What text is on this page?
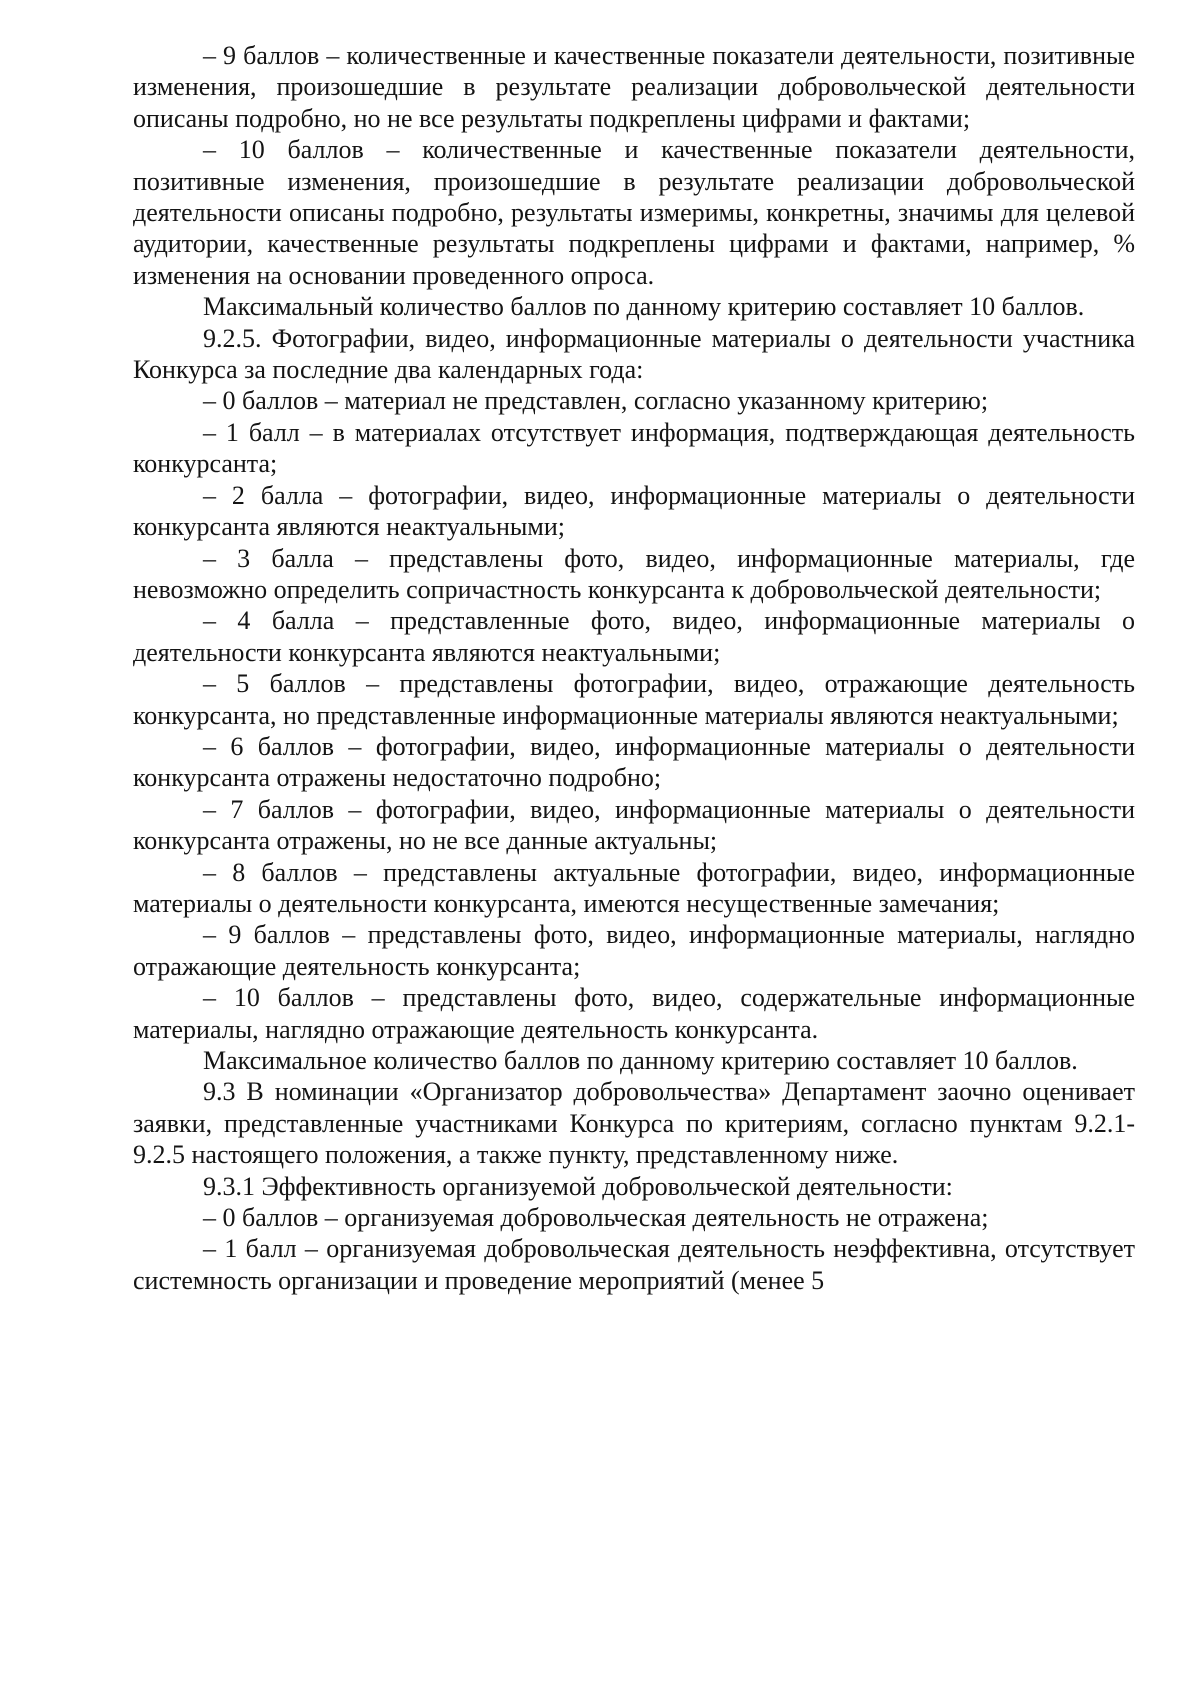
– 9 баллов – количественные и качественные показатели деятельности, позитивные изменения, произошедшие в результате реализации добровольческой деятельности описаны подробно, но не все результаты подкреплены цифрами и фактами;

– 10 баллов – количественные и качественные показатели деятельности, позитивные изменения, произошедшие в результате реализации добровольческой деятельности описаны подробно, результаты измеримы, конкретны, значимы для целевой аудитории, качественные результаты подкреплены цифрами и фактами, например, % изменения на основании проведенного опроса.

Максимальный количество баллов по данному критерию составляет 10 баллов.

9.2.5. Фотографии, видео, информационные материалы о деятельности участника Конкурса за последние два календарных года:

– 0 баллов – материал не представлен, согласно указанному критерию;

– 1 балл – в материалах отсутствует информация, подтверждающая деятельность конкурсанта;

– 2 балла – фотографии, видео, информационные материалы о деятельности конкурсанта являются неактуальными;

– 3 балла – представлены фото, видео, информационные материалы, где невозможно определить сопричастность конкурсанта к добровольческой деятельности;

– 4 балла – представленные фото, видео, информационные материалы о деятельности конкурсанта являются неактуальными;

– 5 баллов – представлены фотографии, видео, отражающие деятельность конкурсанта, но представленные информационные материалы являются неактуальными;

– 6 баллов – фотографии, видео, информационные материалы о деятельности конкурсанта отражены недостаточно подробно;

– 7 баллов – фотографии, видео, информационные материалы о деятельности конкурсанта отражены, но не все данные актуальны;

– 8 баллов – представлены актуальные фотографии, видео, информационные материалы о деятельности конкурсанта, имеются несущественные замечания;

– 9 баллов – представлены фото, видео, информационные материалы, наглядно отражающие деятельность конкурсанта;

– 10 баллов – представлены фото, видео, содержательные информационные материалы, наглядно отражающие деятельность конкурсанта.

Максимальное количество баллов по данному критерию составляет 10 баллов.

9.3 В номинации «Организатор добровольчества» Департамент заочно оценивает заявки, представленные участниками Конкурса по критериям, согласно пунктам 9.2.1-9.2.5 настоящего положения, а также пункту, представленному ниже.

9.3.1 Эффективность организуемой добровольческой деятельности:

– 0 баллов – организуемая добровольческая деятельность не отражена;

– 1 балл – организуемая добровольческая деятельность неэффективна, отсутствует системность организации и проведение мероприятий (менее 5
